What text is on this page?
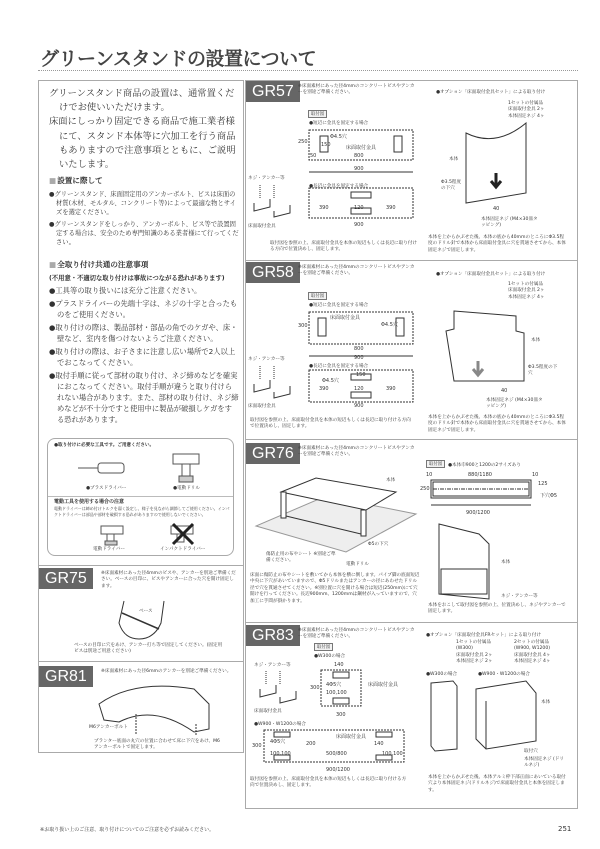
グリーンスタンドの設置について

グリーンスタンド商品の設置は、通常置くだけでお使いいただけます。

床面にしっかり固定できる商品で施工業者様にて、スタンド本体等に穴加工を行う商品もありますので注意事項とともに、ご説明いたします。

■ 設置に際して

●グリーンスタンド、床面固定用のアンカーボルト、ビスは床面の材質(木材、モルタル、コンクリート等)によって最適な物とサイズを選定ください。

●グリーンスタンドをしっかり、アンカーボルト、ビス等で設置固定する場合は、安全のため専門知識のある業者様にて行ってください。

■ 全取り付け共通の注意事項
(不用意・不適切な取り付けは事故につながる恐れがあります)

●工具等の取り扱いには充分ご注意ください。

●プラスドライバーの先端十字は、ネジの十字と合ったものをご使用ください。

●取り付けの際は、製品部材・部品の角でのケガや、床・壁など、室内を傷つけないようご注意ください。

●取り付けの際は、お子さまに注意し広い場所で2人以上でおこなってください。

●取付手順に従って部材の取り付け、ネジ締めなどを確実におこなってください。取付手順が違うと取り付けられない場合があります。また、部材の取り付け、ネジ締めなどが不十分ですと使用中に製品が破損しケガをする恐れがあります。

●取り付けに必要な工具です。ご用意ください。
●プラスドライバー	●電動ドリル
電動工具を使用する場合の注意
電動ドライバーは締め付けトルクを弱く設定し、様子を見ながら調節してご使用ください。インパクトドライバーは部品や部材を破損する恐れがありますので使用しないでください。
電動ドライバー	インパクトドライバー
GR75	※床面素材にあった径4mmのビスや、アンカーを別途ご準備ください。ベースの目印に、ビスやアンカーに合った穴を開け固定します。
ベース
ベースの目印に穴をあけ、アンカー打ち等で固定してください。(固定用ビスは別途ご用意ください)
GR81	※床面素材にあった径6mmのアンカーを別途ご準備ください。
M6アンカーボルト
プランター底面の丸穴の位置に合わせて床に下穴をあけ、M6アンカーボルトで固定します。
GR57 ※床面素材にあった径4mmのコンクリートビスやアンカーを別途ご準備ください。
取付図
●短辺に金具を固定する場合
Φ4.5穴
床面取付金具
250	150
50	800
900
●長辺に金具を固定する場合
390	120	390
900
ネジ・アンカー等
床面取付金具
取付図を参照の上、床面取付金具を本体の短辺もしくは長辺に取り付ける方向で位置決めし、固定します。
●オプション「床面取付金具セット」による取り付け
1セットの付属品
床面取付金具 2ヶ
本体固定ネジ 4ヶ
本体
Φ3.5程度の下穴
40
本体固定ネジ (M4×30皿タッピング)
本体を上からかぶせた後、本体の底から40mmのところにΦ3.5程度のドリル針で本体から床面取付金具に穴を貫通させてから、本体固定ネジで固定します。
GR58 ※床面素材にあった径4mmのコンクリートビスやアンカーを別途ご準備ください。
取付図
●短辺に金具を固定する場合
床面取付金具
Φ4.5穴
300
800
900
●長辺に金具を固定する場合
150
Φ4.5穴
390	120	390
900
ネジ・アンカー等
床面取付金具
取付図を参照の上、床面取付金具を本体の短辺もしくは長辺に取り付ける方向で位置決めし、固定します。
●オプション「床面取付金具セット」による取り付け
1セットの付属品
床面取付金具 2ヶ
本体固定ネジ 4ヶ
本体
Φ3.5程度の下穴
40
本体固定ネジ (M4×30皿タッピング)
本体を上からかぶせた後、本体の底から40mmのところにΦ3.5程度のドリル針で本体から床面取付金具に穴を貫通させてから、本体固定ネジで固定します。
GR76 ※床面素材にあった径4mmのコンクリートビスやアンカーを別途ご準備ください。
本体
傷防止用の布やシート ※別途ご準備ください。
Φ5の下穴
電動ドリル
床面に傷防止の布やシートを敷いてから本体を横に倒します。パイプ脚の底面短辺中央に下穴があいていますので、Φ5ドリルまたはアンカーの径にあわせたドリル径で穴を貫通させてください。※別位置に穴を開ける場合は短辺(250mm)にて穴開けを行ってください。長辺900mm、1200mmは鋼材が入っていますので、穴加工に手間が掛かります。
取付図	●本体巾900と1200の2サイズあり
10	880/1180	10
250
125
下穴Φ5
900/1200
本体
ネジ・アンカー等
本体をおこして取付図を参照の上、位置決めし、ネジやアンカーで固定します。
GR83 ※床面素材にあった径4mmのコンクリートビスやアンカーを別途ご準備ください。
取付図
●W300の場合
ネジ・アンカー等
床面取付金具
140
4Φ5穴
100,100
300	床面取付金具
300
●W900・W1200の場合
4Φ5穴	200
床面取付金具
140
100,100	500/800	100,100
300
900/1200
取付図を参照の上、床面取付金具を本体の短辺もしくは長辺に取り付ける方向で位置決めし、固定します。
●オプション「床面取付金具FRセット」による取り付け
1セットの付属品
(W300)
床面取付金具 2ヶ
本体固定ネジ 2ヶ
2セットの付属品
(W900, W1200)
床面取付金具 4ヶ
本体固定ネジ 4ヶ
●W300の場合	●W900・W1200の場合
本体
取付穴
本体固定ネジ (ドリルネジ)
本体を上からかぶせた後、本体アルミ枠下部正面にあいている取付穴より本体固定ネジ(ドリルネジ)で床面取付金具と本体を固定します。
※お取り扱い上のご注意、取り付けについてのご注意を必ずお読みください。	251
